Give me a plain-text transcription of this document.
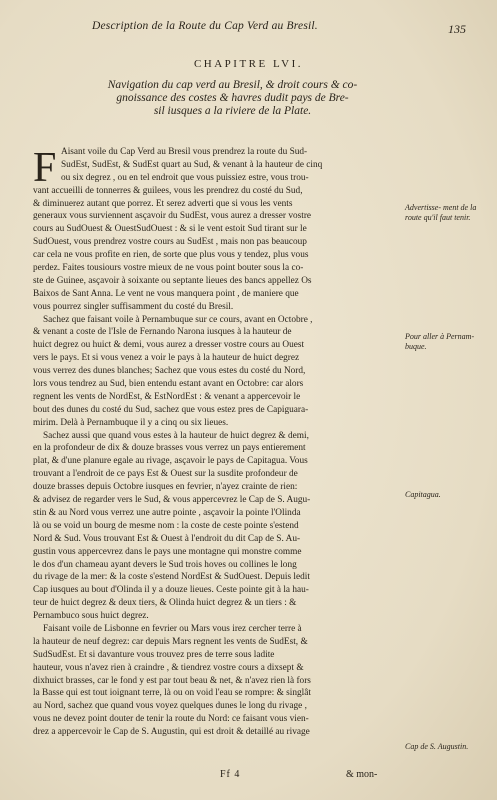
Description de la Route du Cap Verd au Bresil.	135
CHAPITRE LVI.
Navigation du cap verd au Bresil, & droit cours & co-
gnoissance des costes & havres dudit pays de Bre-
sil iusques a la riviere de la Plate.
F Aisant voile du Cap Verd au Bresil vous prendrez la route du Sud-
SudEst, SudEst, & SudEst quart au Sud, & venant à la hauteur de cinq
ou six degrez , ou en tel endroit que vous puissiez estre, vous trou-
vant accueilli de tonnerres & guilees, vous les prendrez du costé du Sud,
& diminuerez autant que porrez. Et serez adverti que si vous les vents
generaux vous surviennent asçavoir du SudEst, vous aurez a dresser vostre
cours au SudOuest & OuestSudOuest : & si le vent estoit Sud tirant sur le
SudOuest, vous prendrez vostre cours au SudEst , mais non pas beaucoup
car cela ne vous profite en rien, de sorte que plus vous y tendez, plus vous
perdez. Faites tousiours vostre mieux de ne vous point bouter sous la co-
ste de Guinee, asçavoir à soixante ou septante lieues des bancs appellez Os
Baixos de Sant Anna. Le vent ne vous manquera point , de maniere que
vous pourrez singler suffisamment du costé du Bresil.
Sachez que faisant voile à Pernambuque sur ce cours, avant en Octobre ,
& venant a coste de l'Isle de Fernando Narona iusques à la hauteur de
huict degrez ou huict & demi, vous aurez a dresser vostre cours au Ouest
vers le pays. Et si vous venez a voir le pays à la hauteur de huict degrez
vous verrez des dunes blanches; Sachez que vous estes du costé du Nord,
lors vous tendrez au Sud, bien entendu estant avant en Octobre: car alors
regnent les vents de NordEst, & EstNordEst : & venant a appercevoir le
bout des dunes du costé du Sud, sachez que vous estez pres de Capiguara-
mirim. Delà à Pernambuque il y a cinq ou six lieues.
Sachez aussi que quand vous estes à la hauteur de huict degrez & demi,
en la profondeur de dix & douze brasses vous verrez un pays entierement
plat, & d'une planure egale au rivage, asçavoir le pays de Capitagua. Vous
trouvant a l'endroit de ce pays Est & Ouest sur la susdite profondeur de
douze brasses depuis Octobre iusques en fevrier, n'ayez crainte de rien:
& advisez de regarder vers le Sud, & vous appercevrez le Cap de S. Augu-
stin & au Nord vous verrez une autre pointe , asçavoir la pointe l'Olinda
là ou se void un bourg de mesme nom : la coste de ceste pointe s'estend
Nord & Sud. Vous trouvant Est & Ouest à l'endroit du dit Cap de S. Au-
gustin vous appercevrez dans le pays une montagne qui monstre comme
le dos d'un chameau ayant devers le Sud trois hoves ou collines le long
du rivage de la mer: & la coste s'estend NordEst & SudOuest. Depuis ledit
Cap iusques au bout d'Olinda il y a douze lieues. Ceste pointe git à la hau-
teur de huict degrez & deux tiers, & Olinda huict degrez & un tiers : &
Pernambuco sous huict degrez.
Faisant voile de Lisbonne en fevrier ou Mars vous irez cercher terre à
la hauteur de neuf degrez: car depuis Mars regnent les vents de SudEst, &
SudSudEst. Et si davanture vous trouvez pres de terre sous ladite
hauteur, vous n'avez rien à craindre , & tiendrez vostre cours a dixsept &
dixhuict brasses, car le fond y est par tout beau & net, & n'avez rien là fors
la Basse qui est tout ioignant terre, là ou on void l'eau se rompre: & singlât
au Nord, sachez que quand vous voyez quelques dunes le long du rivage ,
vous ne devez point douter de tenir la route du Nord: ce faisant vous vien-
drez a appercevoir le Cap de S. Augustin, qui est droit & detaillé au rivage
Advertisse- ment de la route qu'il faut tenir.
Pour aller à Pernam- buque.
Capitagua.
Cap de S. Augustin.
Ff 4	& mon-
